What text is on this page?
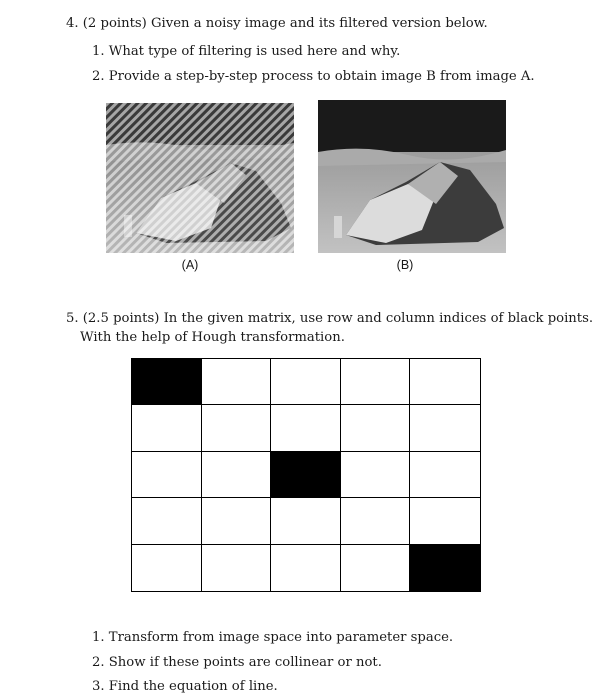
4. (2 points) Given a noisy image and its filtered version below.
1. What type of filtering is used here and why.
2. Provide a step-by-step process to obtain image B from image A.
(A)	(B)
5. (2.5 points) In the given matrix, use row and column indices of black points.
With the help of Hough transformation.
1. Transform from image space into parameter space.
2. Show if these points are collinear or not.
3. Find the equation of line.
